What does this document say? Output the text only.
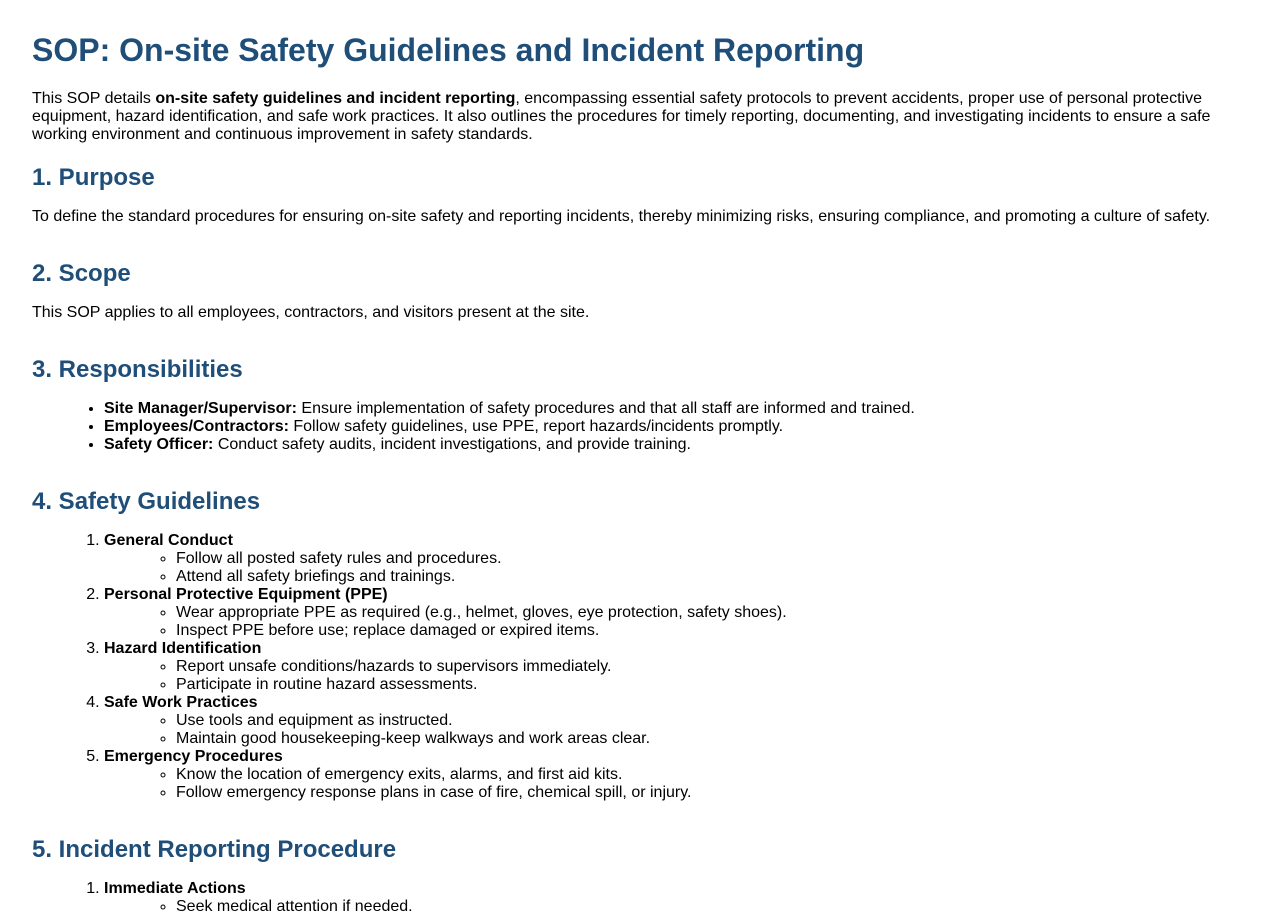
SOP: On-site Safety Guidelines and Incident Reporting

This SOP details on-site safety guidelines and incident reporting, encompassing essential safety protocols to prevent accidents, proper use of personal protective equipment, hazard identification, and safe work practices. It also outlines the procedures for timely reporting, documenting, and investigating incidents to ensure a safe working environment and continuous improvement in safety standards.

1. Purpose

To define the standard procedures for ensuring on-site safety and reporting incidents, thereby minimizing risks, ensuring compliance, and promoting a culture of safety.

2. Scope

This SOP applies to all employees, contractors, and visitors present at the site.

3. Responsibilities
• Site Manager/Supervisor: Ensure implementation of safety procedures and that all staff are informed and trained.
• Employees/Contractors: Follow safety guidelines, use PPE, report hazards/incidents promptly.
• Safety Officer: Conduct safety audits, incident investigations, and provide training.
4. Safety Guidelines
1. General Conduct
◦ Follow all posted safety rules and procedures.
◦ Attend all safety briefings and trainings.
2. Personal Protective Equipment (PPE)
◦ Wear appropriate PPE as required (e.g., helmet, gloves, eye protection, safety shoes).
◦ Inspect PPE before use; replace damaged or expired items.
3. Hazard Identification
◦ Report unsafe conditions/hazards to supervisors immediately.
◦ Participate in routine hazard assessments.
4. Safe Work Practices
◦ Use tools and equipment as instructed.
◦ Maintain good housekeeping-keep walkways and work areas clear.
5. Emergency Procedures
◦ Know the location of emergency exits, alarms, and first aid kits.
◦ Follow emergency response plans in case of fire, chemical spill, or injury.
5. Incident Reporting Procedure
1. Immediate Actions
◦ Seek medical attention if needed.
